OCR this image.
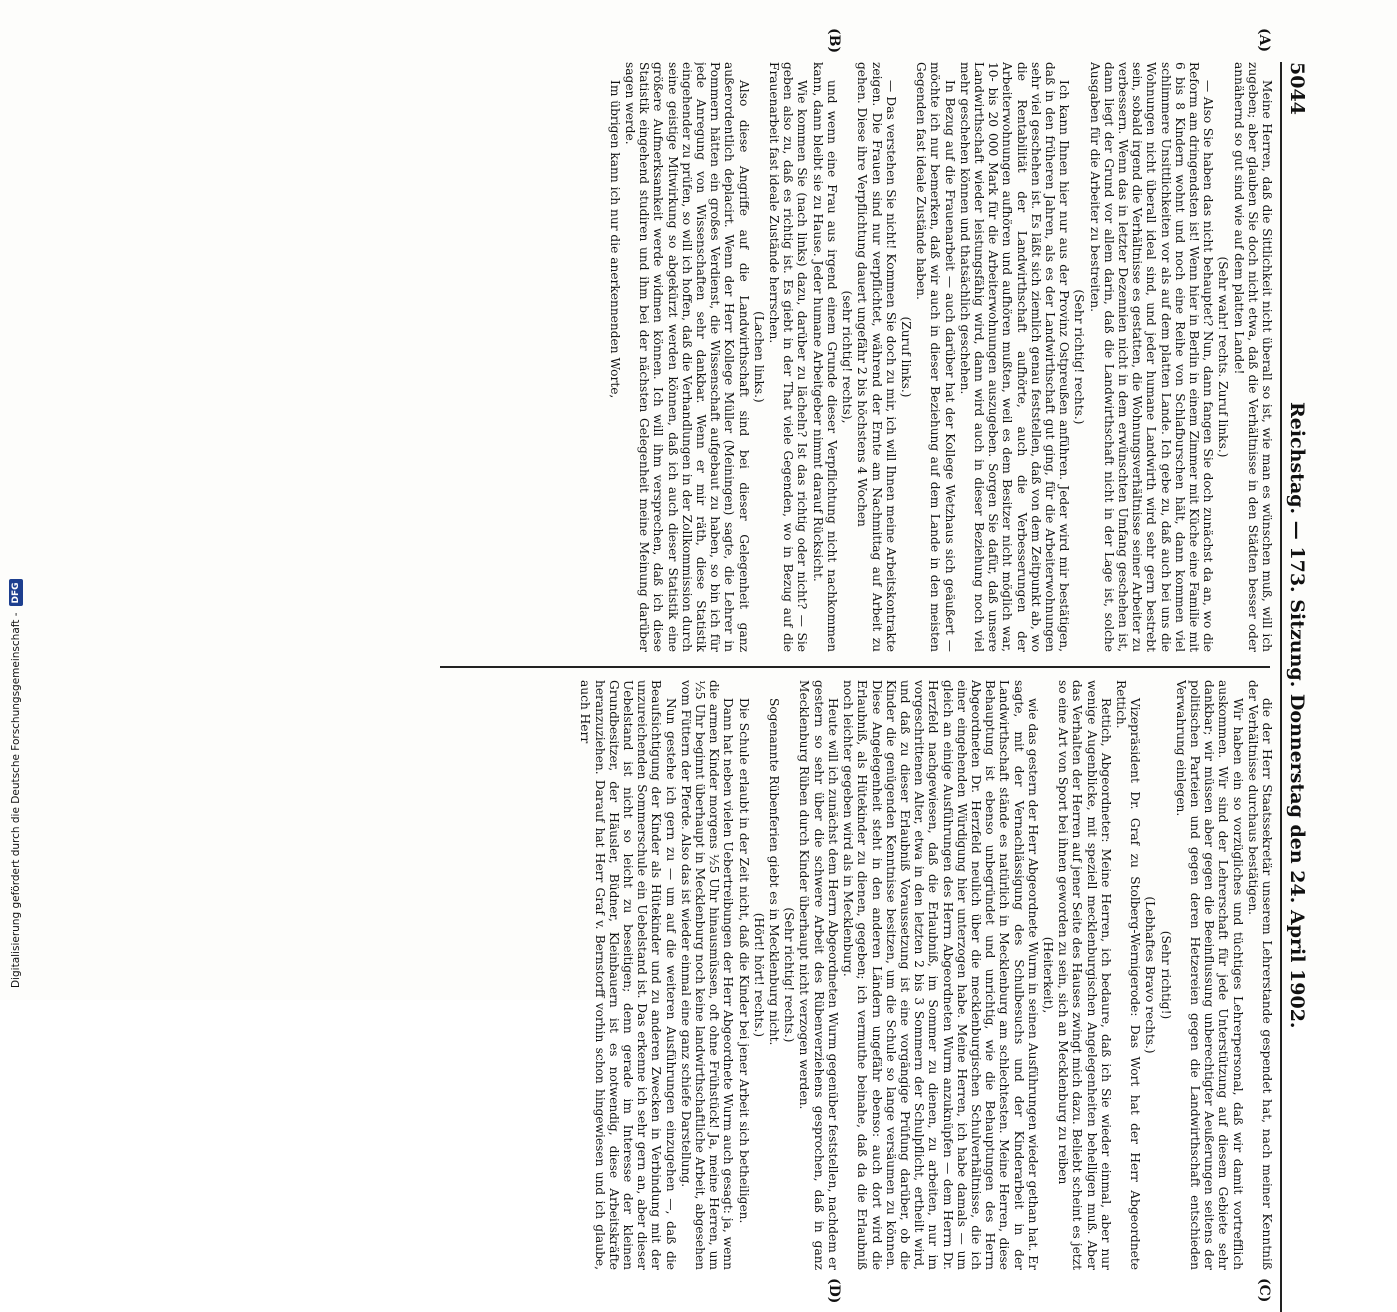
5044
Reichstag. — 173. Sitzung. Donnerstag den 24. April 1902.

Meine Herren, daß die Sittlichkeit nicht überall so ist, wie man es wünschen muß, will ich zugeben; aber glauben Sie doch nicht etwa, daß die Verhältnisse in den Städten besser oder annähernd so gut sind wie auf dem platten Lande!

(Sehr wahr! rechts. Zuruf links.)

— Also Sie haben das nicht behauptet? Nun, dann fangen Sie doch zunächst da an, wo die Reform am dringendsten ist! Wenn hier in Berlin in einem Zimmer mit Küche eine Familie mit 6 bis 8 Kindern wohnt und noch eine Reihe von Schlafburschen hält, dann kommen viel schlimmere Unsittlichkeiten vor als auf dem platten Lande. Ich gebe zu, daß auch bei uns die Wohnungen nicht überall ideal sind, und jeder humane Landwirth wird sehr gern bestrebt sein, sobald irgend die Verhältnisse es gestatten, die Wohnungsverhältnisse seiner Arbeiter zu verbessern. Wenn das in letzter Dezennien nicht in dem erwünschten Umfang geschehen ist, dann liegt der Grund vor allem darin, daß die Landwirthschaft nicht in der Lage ist, solche Ausgaben für die Arbeiter zu bestreiten.

(Sehr richtig! rechts.)

Ich kann Ihnen hier nur aus der Provinz Ostpreußen anführen. Jeder wird mir bestätigen, daß in den früheren Jahren, als es der Landwirthschaft gut ging, für die Arbeiterwohnungen sehr viel geschehen ist. Es läßt sich ziemlich genau feststellen, daß von dem Zeitpunkt ab, wo die Rentabilität der Landwirthschaft aufhörte, auch die Verbesserungen der Arbeiterwohnungen aufhören und aufhören mußten, weil es dem Besitzer nicht möglich war, 10- bis 20 000 Mark für die Arbeiterwohnungen auszugeben. Sorgen Sie dafür, daß unsere Landwirthschaft wieder leistungsfähig wird, dann wird auch in dieser Beziehung noch viel mehr geschehen können und thatsächlich geschehen.

In Bezug auf die Frauenarbeit — auch darüber hat der Kollege Wetzhaus sich geäußert — möchte ich nur bemerken, daß wir auch in dieser Beziehung auf dem Lande in den meisten Gegenden fast ideale Zustände haben.

(Zuruf links.)

— Das verstehen Sie nicht! Kommen Sie doch zu mir, ich will Ihnen meine Arbeitskontrakte zeigen. Die Frauen sind nur verpflichtet, während der Ernte am Nachmittag auf Arbeit zu gehen. Diese ihre Verpflichtung dauert ungefähr 2 bis höchstens 4 Wochen

(sehr richtig! rechts),

und wenn eine Frau aus irgend einem Grunde dieser Verpflichtung nicht nachkommen kann, dann bleibt sie zu Hause. Jeder humane Arbeitgeber nimmt darauf Rücksicht.

Wie kommen Sie (nach links) dazu, darüber zu lächeln? Ist das richtig oder nicht? — Sie geben also zu, daß es richtig ist. Es giebt in der That viele Gegenden, wo in Bezug auf die Frauenarbeit fast ideale Zustände herrschen.

(Lachen links.)

Also diese Angriffe auf die Landwirthschaft sind bei dieser Gelegenheit ganz außerordentlich deplacirt. Wenn der Herr Kollege Müller (Meiningen) sagte, die Lehrer in Pommern hätten ein großes Verdienst, die Wissenschaft aufgebaut zu haben, so bin ich für jede Anregung von Wissenschaften sehr dankbar. Wenn er mir räth, diese Statistik eingehender zu prüfen, so will ich hoffen, daß die Verhandlungen in der Zollkommission durch seine geistige Mitwirkung so abgekürzt werden können, daß ich auch dieser Statistik eine größere Aufmerksamkeit werde widmen können. Ich will ihm versprechen, daß ich diese Statistik eingehend studiren und ihm bei der nächsten Gelegenheit meine Meinung darüber sagen werde.

Im übrigen kann ich nur die anerkennenden Worte,

die der Herr Staatssekretär unserem Lehrerstande gespendet hat, nach meiner Kenntniß der Verhältnisse durchaus bestätigen.

Wir haben ein so vorzügliches und tüchtiges Lehrerpersonal, daß wir damit vortrefflich auskommen. Wir sind der Lehrerschaft für jede Unterstützung auf diesem Gebiete sehr dankbar; wir müssen aber gegen die Beeinflussung unberechtigter Aeußerungen seitens der politischen Parteien und gegen deren Hetzereien gegen die Landwirthschaft entschieden Verwahrung einlegen.

(Sehr richtig!)

(Lebhaftes Bravo rechts.)

Vizepräsident Dr. Graf zu Stolberg-Wernigerode: Das Wort hat der Herr Abgeordnete Rettich.

Rettich, Abgeordneter: Meine Herren, ich bedaure, daß ich Sie wieder einmal, aber nur wenige Augenblicke, mit speziell mecklenburgischen Angelegenheiten behelligen muß. Aber das Verhalten der Herren auf jener Seite des Hauses zwingt mich dazu. Beliebt scheint es jetzt so eine Art von Sport bei ihnen geworden zu sein, sich an Mecklenburg zu reiben

(Heiterkeit),

wie das gestern der Herr Abgeordnete Wurm in seinen Ausführungen wieder gethan hat. Er sagte, mit der Vernachlässigung des Schulbesuchs und der Kinderarbeit in der Landwirthschaft stände es natürlich in Mecklenburg am schlechtesten. Meine Herren, diese Behauptung ist ebenso unbegründet und unrichtig, wie die Behauptungen des Herrn Abgeordneten Dr. Herzfeld neulich über die mecklenburgischen Schulverhältnisse, die ich einer eingehenden Würdigung hier unterzogen habe. Meine Herren, ich habe damals — um gleich an einige Ausführungen des Herrn Abgeordneten Wurm anzuknüpfen — dem Herrn Dr. Herzfeld nachgewiesen, daß die Erlaubniß, im Sommer zu dienen, zu arbeiten, nur im vorgeschrittenen Alter, etwa in den letzten 2 bis 3 Sommern der Schulpflicht, ertheilt wird, und daß zu dieser Erlaubniß Voraussetzung ist eine vorgängige Prüfung darüber, ob die Kinder die genügenden Kenntnisse besitzen, um die Schule so lange versäumen zu können. Diese Angelegenheit steht in den anderen Ländern ungefähr ebenso: auch dort wird die Erlaubniß, als Hütekinder zu dienen, gegeben; ich vermuthe beinahe, daß da die Erlaubniß noch leichter gegeben wird als in Mecklenburg.

Heute will ich zunächst dem Herrn Abgeordneten Wurm gegenüber feststellen, nachdem er gestern so sehr über die schwere Arbeit des Rübenverziehens gesprochen, daß in ganz Mecklenburg Rüben durch Kinder überhaupt nicht verzogen werden.

(Sehr richtig! rechts.)

Sogenannte Rübenferien giebt es in Mecklenburg nicht.

(Hört! hört! rechts.)

Die Schule erlaubt in der Zeit nicht, daß die Kinder bei jener Arbeit sich betheiligen.

Dann hat neben vielen Uebertreibungen der Herr Abgeordnete Wurm auch gesagt: ja, wenn die armen Kinder morgens ½5 Uhr hinausmüssen, oft ohne Frühstück! Ja, meine Herren, um ½5 Uhr beginnt überhaupt in Mecklenburg noch keine landwirthschaftliche Arbeit, abgesehen vom Füttern der Pferde. Also das ist wieder einmal eine ganz schiefe Darstellung.

Nun gestehe ich gern zu — um auf die weiteren Ausführungen einzugehen —, daß die Beaufsichtigung der Kinder als Hütekinder und zu anderen Zwecken in Verbindung mit der unzureichenden Sommerschule ein Uebelstand ist. Das erkenne ich sehr gern an, aber dieser Uebelstand ist nicht so leicht zu beseitigen; denn gerade im Interesse der kleinen Grundbesitzer, der Häusler, Büdner, Kleinbauern ist es notwendig, diese Arbeitskräfte heranzuziehen. Darauf hat Herr Graf v. Bernstorff vorhin schon hingewiesen und ich glaube, auch Herr

(A)
(B)
(C)
(D)
Digitalisierung gefördert durch die Deutsche Forschungsgemeinschaft -
DFG
